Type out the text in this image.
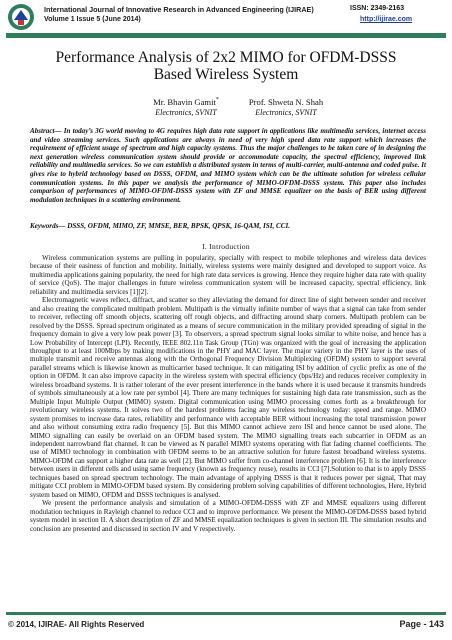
International Journal of Innovative Research in Advanced Engineering (IJIRAE)
Volume 1 Issue 5 (June 2014)
ISSN: 2349-2163
http://ijirae.com
Performance Analysis of 2x2 MIMO for OFDM-DSSS
Based Wireless System
Mr. Bhavin Gamit*
Electronics, SVNIT
Prof. Shweta N. Shah
Electronics, SVNIT
Abstract— In today’s 3G world moving to 4G requires high data rate support in applications like multimedia services, internet access and video streaming services. Such applications are always in need of very high speed data rate support which increases the requirement of efficient usage of spectrum and high capacity systems. Thus the major challenges to be taken care of in designing the next generation wireless communication system should provide or accommodate capacity, the spectral efficiency, improved link reliability and multimedia services. So we can establish a distributed system in terms of multi-carrier, multi-antenna and coded pulse. It gives rise to hybrid technology based on DSSS, OFDM, and MIMO system which can be the ultimate solution for wireless cellular communication systems. In this paper we analysis the performance of MIMO-OFDM-DSSS system. This paper also includes comparison of performances of MIMO-OFDM-DSSS system with ZF and MMSE equalizer on the basis of BER using different modulation techniques in a scattering environment.
Keywords— DSSS, OFDM, MIMO, ZF, MMSE, BER, BPSK, QPSK, 16-QAM, ISI, CCI.
I. Introduction

Wireless communication systems are pulling in popularity, specially with respect to mobile telephones and wireless data devices because of their easiness of function and mobility. Initially, wireless systems were mainly designed and developed to support voice. As multimedia applications gaining popularity, the need for high rate data services is growing. Hence they require higher data rate with quality of service (QoS). The major challenges in future wireless communication system will be increased capacity, spectral efficiency, link reliability and multimedia services [1][2].

Electromagnetic waves reflect, diffract, and scatter so they alleviating the demand for direct line of sight between sender and receiver and also creating the complicated multipath problem. Multipath is the virtually infinite number of ways that a signal can take from sender to receiver, reflecting off smooth objects, scattering off rough objects, and diffracting around sharp corners. Multipath problem can be resolved by the DSSS. Spread spectrum originated as a means of secure communication in the military provided spreading of signal in the frequency domain to give a very low peak power [3]. To observers, a spread spectrum signal looks similar to white noise, and hence has a Low Probability of Intercept (LPI). Recently, IEEE 802.11n Task Group (TGn) was organized with the goal of increasing the application throughput to at least 100Mbps by making modifications in the PHY and MAC layer. The major variety in the PHY layer is the uses of multiple transmit and receive antennas along with the Orthogonal Frequency Division Multiplexing (OFDM) system to support several parallel streams which is likewise known as multicarrier based technique. It can mitigating ISI by addition of cyclic prefix as one of the option in OFDM. It can also improve capacity in the wireless system with spectral efficiency (bps/Hz) and reduces receiver complexity in wireless broadband systems. It is rather tolerant of the ever present interference in the bands where it is used because it transmits hundreds of symbols simultaneously at a low rate per symbol [4]. There are many techniques for sustaining high data rate transmission, such as the Multiple Input Multiple Output (MIMO) system. Digital communication using MIMO processing comes forth as a breakthrough for revolutionary wireless systems. It solves two of the hardest problems facing any wireless technology today: speed and range. MIMO system promises to increase data rates, reliability and performance with acceptable BER without increasing the total transmission power and also without consuming extra radio frequency [5]. But this MIMO cannot achieve zero ISI and hence cannot be used alone. The MIMO signalling can easily be overlaid on an OFDM based system. The MIMO signalling treats each subcarrier in OFDM as an independent narrowband flat channel. It can be viewed as N parallel MIMO systems operating with flat fading channel coefficients. The use of MIMO technology in combination with OFDM seems to be an attractive solution for future fastest broadband wireless systems. MIMO-OFDM can support a higher data rate as well [2]. But MIMO suffer from co-channel interference problem [6]. It is the interference between users in different cells and using same frequency (known as frequency reuse), results in CCI [7].Solution to that is to apply DSSS techniques based on spread spectrum technology. The main advantage of applying DSSS is that it reduces power per signal, That may mitigate CCI problem in MIMO-OFDM based system. By considering problem solving capabilities of different technologies, Here, Hybrid system based on MIMO, OFDM and DSSS techniques is analysed.

We present the performance analysis and simulation of a MIMO-OFDM-DSSS with ZF and MMSE equalizers using different modulation techniques in Rayleigh channel to reduce CCI and to improve performance. We present the MIMO-OFDM-DSSS based hybrid system model in section II. A short description of ZF and MMSE equalization techniques is given in section III. The simulation results and conclusion are presented and discussed in section IV and V respectively.

© 2014, IJIRAE- All Rights Reserved	Page - 143
